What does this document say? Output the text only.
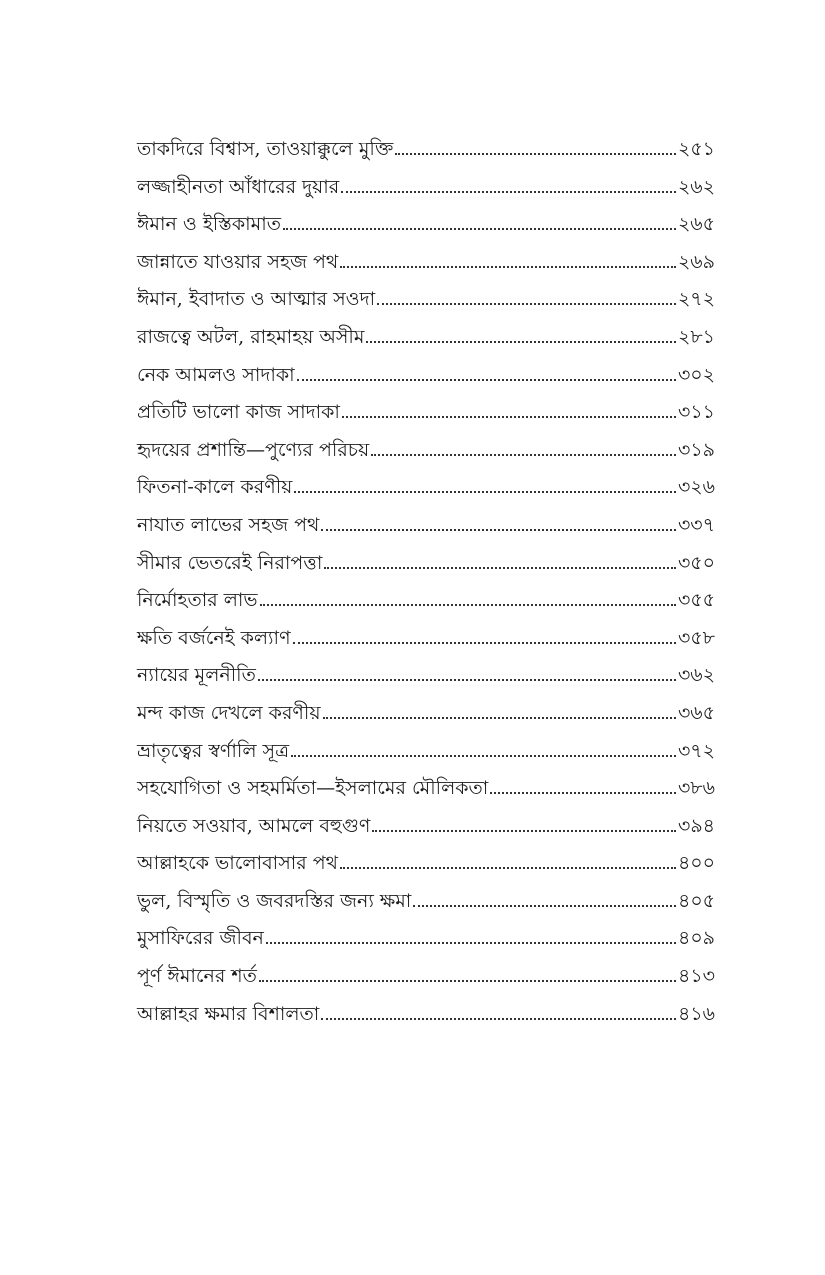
তাকদিরে বিশ্বাস, তাওয়াক্কুলে মুক্তি	২৫১
লজ্জাহীনতা আঁধারের দুয়ার	২৬২
ঈমান ও ইস্তিকামাত	২৬৫
জান্নাতে যাওয়ার সহজ পথ	২৬৯
ঈমান, ইবাদাত ও আত্মার সওদা	২৭২
রাজত্বে অটল, রাহমাহয় অসীম	২৮১
নেক আমলও সাদাকা	৩০২
প্রতিটি ভালো কাজ সাদাকা	৩১১
হৃদয়ের প্রশান্তি—পুণ্যের পরিচয়	৩১৯
ফিতনা-কালে করণীয়	৩২৬
নাযাত লাভের সহজ পথ	৩৩৭
সীমার ভেতরেই নিরাপত্তা	৩৫০
নির্মোহতার লাভ	৩৫৫
ক্ষতি বর্জনেই কল্যাণ	৩৫৮
ন্যায়ের মূলনীতি	৩৬২
মন্দ কাজ দেখলে করণীয়	৩৬৫
ভ্রাতৃত্বের স্বর্ণালি সূত্র	৩৭২
সহযোগিতা ও সহমর্মিতা—ইসলামের মৌলিকতা	৩৮৬
নিয়তে সওয়াব, আমলে বহুগুণ	৩৯৪
আল্লাহকে ভালোবাসার পথ	৪০০
ভুল, বিস্মৃতি ও জবরদস্তির জন্য ক্ষমা	৪০৫
মুসাফিরের জীবন	৪০৯
পূর্ণ ঈমানের শর্ত	৪১৩
আল্লাহর ক্ষমার বিশালতা	৪১৬
